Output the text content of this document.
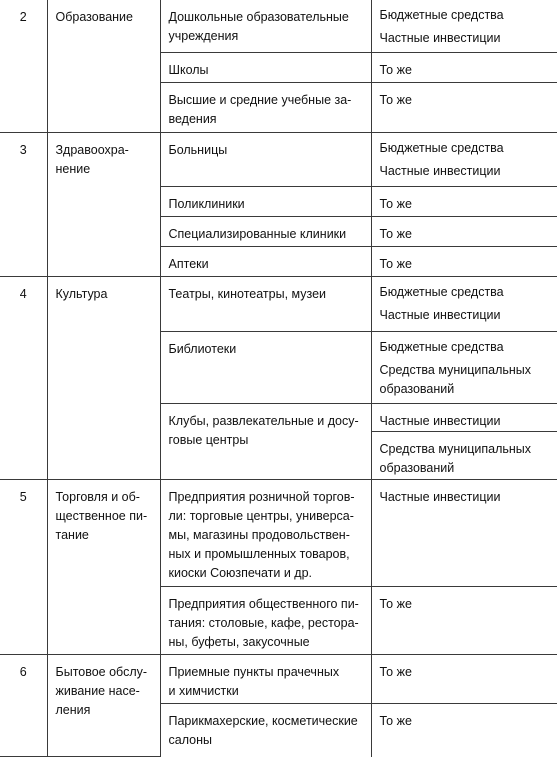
2	Образование	Дошкольные образовательные
учреждения	Бюджетные средства
Частные инвестиции

		Школы	То же

		Высшие и средние учебные за-
ведения	То же

3	Здравоохра-
нение	Больницы	Бюджетные средства
Частные инвестиции

		Поликлиники	То же

		Специализированные клиники	То же

		Аптеки	То же

4	Культура	Театры, кинотеатры, музеи	Бюджетные средства
Частные инвестиции

		Библиотеки	Бюджетные средства
Средства муниципальных
образований

		Клубы, развлекательные и досу-
говые центры	Частные инвестиции

			Средства муниципальных
образований

5	Торговля и об-
щественное пи-
тание	Предприятия розничной торгов-
ли: торговые центры, универса-
мы, магазины продовольствен-
ных и промышленных товаров,
киоски Союзпечати и др.	Частные инвестиции

		Предприятия общественного пи-
тания: столовые, кафе, рестора-
ны, буфеты, закусочные	То же

6	Бытовое обслу-
живание насе-
ления	Приемные пункты прачечных
и химчистки	То же

		Парикмахерские, косметические
салоны	То же
